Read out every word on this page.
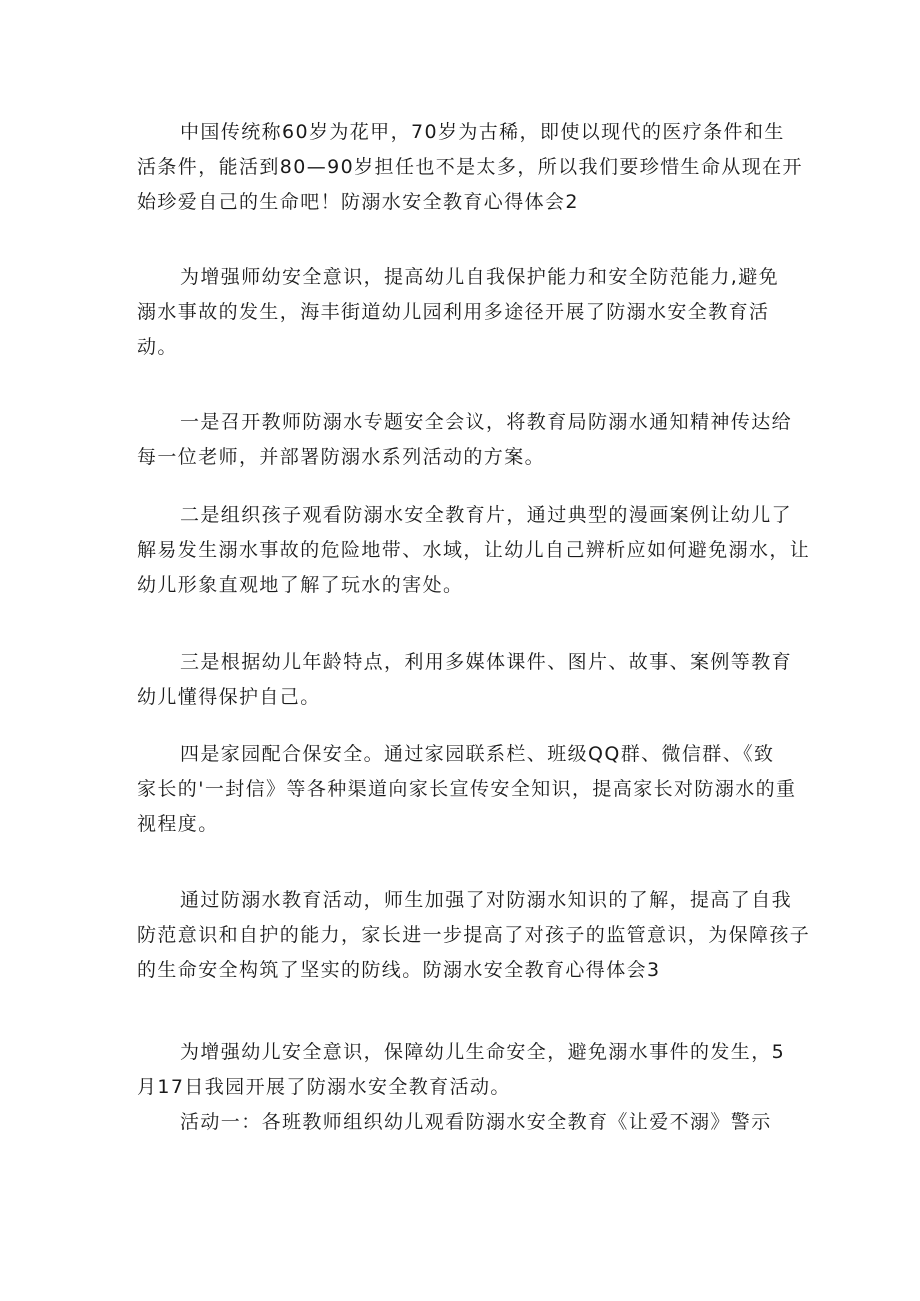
中国传统称60岁为花甲，70岁为古稀，即使以现代的医疗条件和生
活条件，能活到80—90岁担任也不是太多，所以我们要珍惜生命从现在开
始珍爱自己的生命吧！防溺水安全教育心得体会2
为增强师幼安全意识，提高幼儿自我保护能力和安全防范能力,避免
溺水事故的发生，海丰街道幼儿园利用多途径开展了防溺水安全教育活
动。
一是召开教师防溺水专题安全会议，将教育局防溺水通知精神传达给
每一位老师，并部署防溺水系列活动的方案。
二是组织孩子观看防溺水安全教育片，通过典型的漫画案例让幼儿了
解易发生溺水事故的危险地带、水域，让幼儿自己辨析应如何避免溺水，让
幼儿形象直观地了解了玩水的害处。
三是根据幼儿年龄特点，利用多媒体课件、图片、故事、案例等教育
幼儿懂得保护自己。
四是家园配合保安全。通过家园联系栏、班级QQ群、微信群、《致
家长的'一封信》等各种渠道向家长宣传安全知识，提高家长对防溺水的重
视程度。
通过防溺水教育活动，师生加强了对防溺水知识的了解，提高了自我
防范意识和自护的能力，家长进一步提高了对孩子的监管意识，为保障孩子
的生命安全构筑了坚实的防线。防溺水安全教育心得体会3
为增强幼儿安全意识，保障幼儿生命安全，避免溺水事件的发生，5
月17日我园开展了防溺水安全教育活动。
活动一：各班教师组织幼儿观看防溺水安全教育《让爱不溺》警示
